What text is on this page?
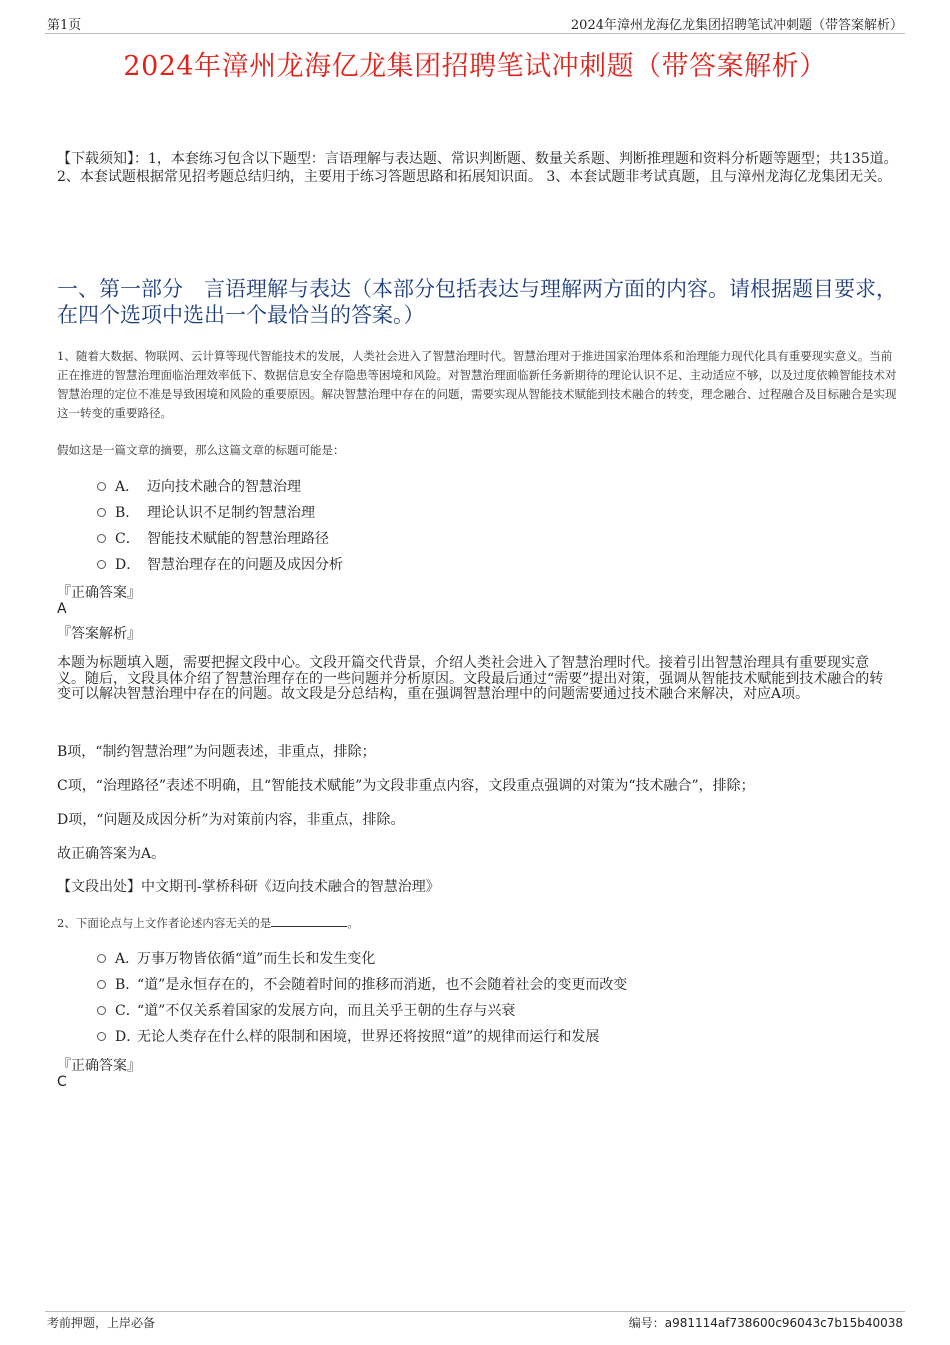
第1页	2024年漳州龙海亿龙集团招聘笔试冲刺题（带答案解析）
2024年漳州龙海亿龙集团招聘笔试冲刺题（带答案解析）
【下载须知】：1，本套练习包含以下题型：言语理解与表达题、常识判断题、数量关系题、判断推理题和资料分析题等题型；共135道。 2、本套试题根据常见招考题总结归纳，主要用于练习答题思路和拓展知识面。 3、本套试题非考试真题，且与漳州龙海亿龙集团无关。
一、第一部分　言语理解与表达（本部分包括表达与理解两方面的内容。请根据题目要求，在四个选项中选出一个最恰当的答案。）
1、随着大数据、物联网、云计算等现代智能技术的发展，人类社会进入了智慧治理时代。智慧治理对于推进国家治理体系和治理能力现代化具有重要现实意义。当前正在推进的智慧治理面临治理效率低下、数据信息安全存隐患等困境和风险。对智慧治理面临新任务新期待的理论认识不足、主动适应不够，以及过度依赖智能技术对智慧治理的定位不准是导致困境和风险的重要原因。解决智慧治理中存在的问题，需要实现从智能技术赋能到技术融合的转变，理念融合、过程融合及目标融合是实现这一转变的重要路径。
假如这是一篇文章的摘要，那么这篇文章的标题可能是：
A． 迈向技术融合的智慧治理
B． 理论认识不足制约智慧治理
C． 智能技术赋能的智慧治理路径
D． 智慧治理存在的问题及成因分析
『正确答案』
A
『答案解析』
本题为标题填入题，需要把握文段中心。文段开篇交代背景，介绍人类社会进入了智慧治理时代。接着引出智慧治理具有重要现实意义。随后，文段具体介绍了智慧治理存在的一些问题并分析原因。文段最后通过“需要”提出对策，强调从智能技术赋能到技术融合的转变可以解决智慧治理中存在的问题。故文段是分总结构，重在强调智慧治理中的问题需要通过技术融合来解决，对应A项。
B项，“制约智慧治理”为问题表述，非重点，排除；
C项，“治理路径”表述不明确，且“智能技术赋能”为文段非重点内容，文段重点强调的对策为“技术融合”，排除；
D项，“问题及成因分析”为对策前内容，非重点，排除。
故正确答案为A。
【文段出处】中文期刊-掌桥科研《迈向技术融合的智慧治理》
2、下面论点与上文作者论述内容无关的是	。
A．
万事万物皆依循“道”而生长和发生变化
B．
“道”是永恒存在的，不会随着时间的推移而消逝，也不会随着社会的变更而改变
C．
“道”不仅关系着国家的发展方向，而且关乎王朝的生存与兴衰
D．
无论人类存在什么样的限制和困境，世界还将按照“道”的规律而运行和发展
『正确答案』
C
考前押题，上岸必备	编号：a981114af738600c96043c7b15b40038
